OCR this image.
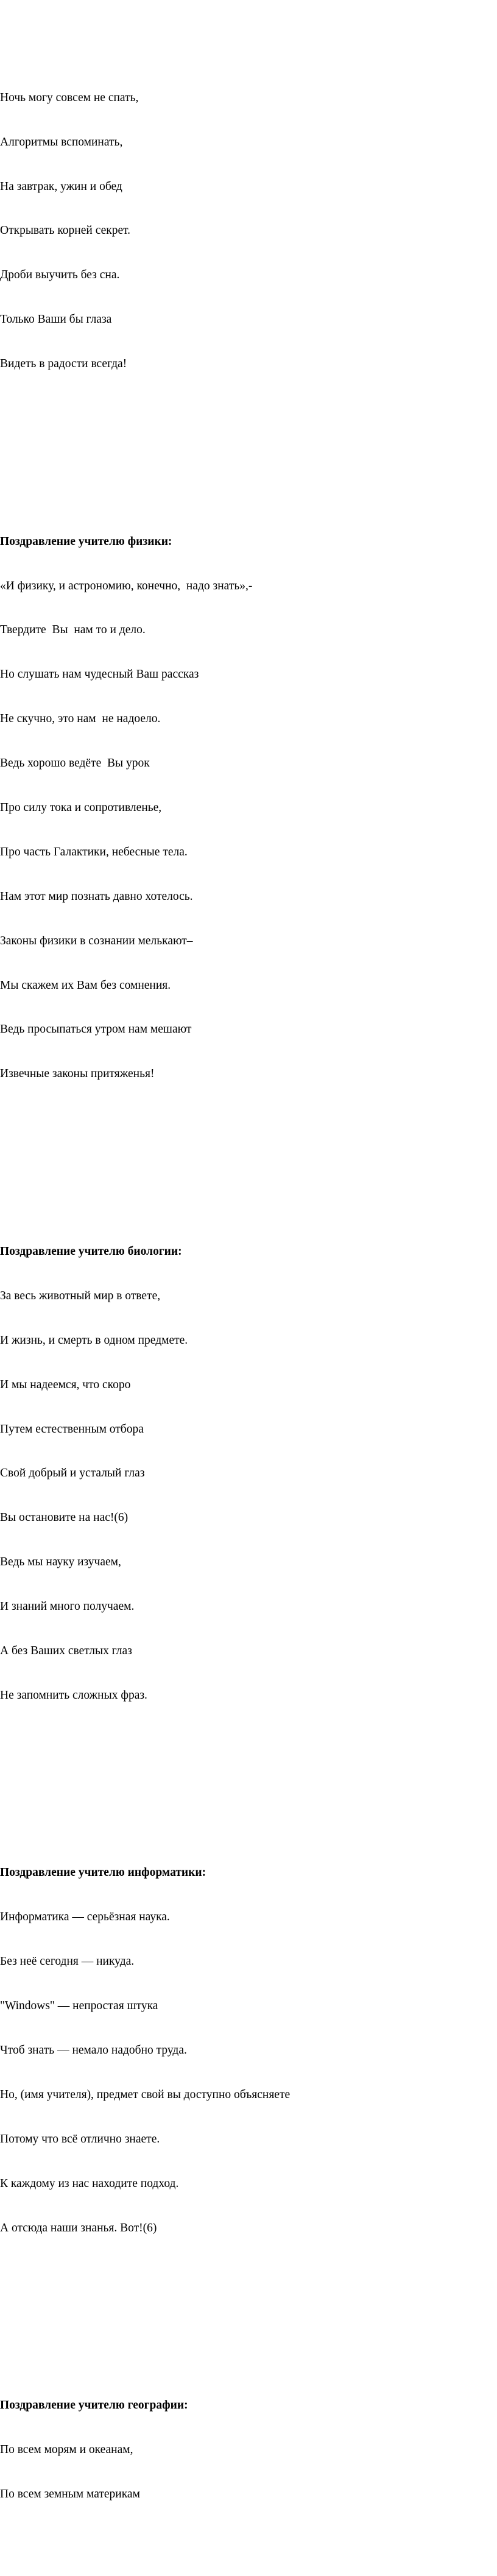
Ночь могу совсем не спать,

Алгоритмы вспоминать,

На завтрак, ужин и обед

Открывать корней секрет.

Дроби выучить без сна.

Только Ваши бы глаза

Видеть в радости всегда!

Поздравление учителю физики:

«И физику, и астрономию, конечно,  надо знать»,-

Твердите  Вы  нам то и дело.

Но слушать нам чудесный Ваш рассказ

Не скучно, это нам  не надоело.

Ведь хорошо ведёте  Вы урок

Про силу тока и сопротивленье,

Про часть Галактики, небесные тела.

Нам этот мир познать давно хотелось.

Законы физики в сознании мелькают–

Мы скажем их Вам без сомнения.

Ведь просыпаться утром нам мешают

Извечные законы притяженья!

Поздравление учителю биологии:

За весь животный мир в ответе,

И жизнь, и смерть в одном предмете.

И мы надеемся, что скоро

Путем естественным отбора

Свой добрый и усталый глаз

Вы остановите на нас!(6)

Ведь мы науку изучаем,

И знаний много получаем.

А без Ваших светлых глаз

Не запомнить сложных фраз.

Поздравление учителю информатики:

Информатика — серьёзная наука.

Без неё сегодня — никуда.

"Windows" — непростая штука

Чтоб знать — немало надобно труда.

Но, (имя учителя), предмет свой вы доступно объясняете

Потому что всё отлично знаете.

К каждому из нас находите подход.

А отсюда наши знанья. Вот!(6)

Поздравление учителю географии:

По всем морям и океанам,

По всем земным материкам
